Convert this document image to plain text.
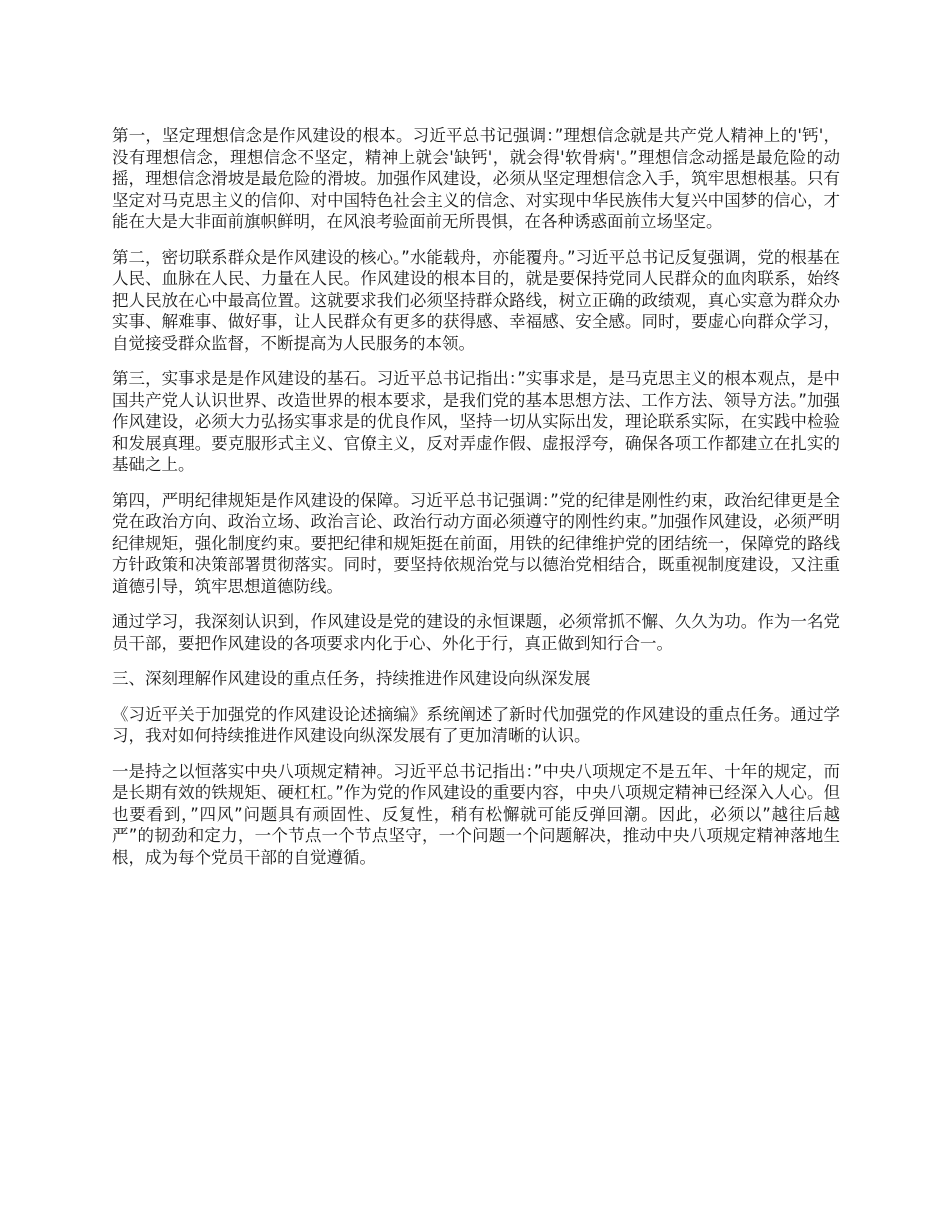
第一，坚定理想信念是作风建设的根本。习近平总书记强调：”理想信念就是共产党人精神上的'钙'，没有理想信念，理想信念不坚定，精神上就会'缺钙'，就会得'软骨病'。”理想信念动摇是最危险的动摇，理想信念滑坡是最危险的滑坡。加强作风建设，必须从坚定理想信念入手，筑牢思想根基。只有坚定对马克思主义的信仰、对中国特色社会主义的信念、对实现中华民族伟大复兴中国梦的信心，才能在大是大非面前旗帜鲜明，在风浪考验面前无所畏惧，在各种诱惑面前立场坚定。

第二，密切联系群众是作风建设的核心。”水能载舟，亦能覆舟。”习近平总书记反复强调，党的根基在人民、血脉在人民、力量在人民。作风建设的根本目的，就是要保持党同人民群众的血肉联系，始终把人民放在心中最高位置。这就要求我们必须坚持群众路线，树立正确的政绩观，真心实意为群众办实事、解难事、做好事，让人民群众有更多的获得感、幸福感、安全感。同时，要虚心向群众学习，自觉接受群众监督，不断提高为人民服务的本领。

第三，实事求是是作风建设的基石。习近平总书记指出：”实事求是，是马克思主义的根本观点，是中国共产党人认识世界、改造世界的根本要求，是我们党的基本思想方法、工作方法、领导方法。”加强作风建设，必须大力弘扬实事求是的优良作风，坚持一切从实际出发，理论联系实际，在实践中检验和发展真理。要克服形式主义、官僚主义，反对弄虚作假、虚报浮夸，确保各项工作都建立在扎实的基础之上。

第四，严明纪律规矩是作风建设的保障。习近平总书记强调：”党的纪律是刚性约束，政治纪律更是全党在政治方向、政治立场、政治言论、政治行动方面必须遵守的刚性约束。”加强作风建设，必须严明纪律规矩，强化制度约束。要把纪律和规矩挺在前面，用铁的纪律维护党的团结统一，保障党的路线方针政策和决策部署贯彻落实。同时，要坚持依规治党与以德治党相结合，既重视制度建设，又注重道德引导，筑牢思想道德防线。

通过学习，我深刻认识到，作风建设是党的建设的永恒课题，必须常抓不懈、久久为功。作为一名党员干部，要把作风建设的各项要求内化于心、外化于行，真正做到知行合一。

三、深刻理解作风建设的重点任务，持续推进作风建设向纵深发展

《习近平关于加强党的作风建设论述摘编》系统阐述了新时代加强党的作风建设的重点任务。通过学习，我对如何持续推进作风建设向纵深发展有了更加清晰的认识。

一是持之以恒落实中央八项规定精神。习近平总书记指出：”中央八项规定不是五年、十年的规定，而是长期有效的铁规矩、硬杠杠。”作为党的作风建设的重要内容，中央八项规定精神已经深入人心。但也要看到，”四风”问题具有顽固性、反复性，稍有松懈就可能反弹回潮。因此，必须以”越往后越严”的韧劲和定力，一个节点一个节点坚守，一个问题一个问题解决，推动中央八项规定精神落地生根，成为每个党员干部的自觉遵循。
